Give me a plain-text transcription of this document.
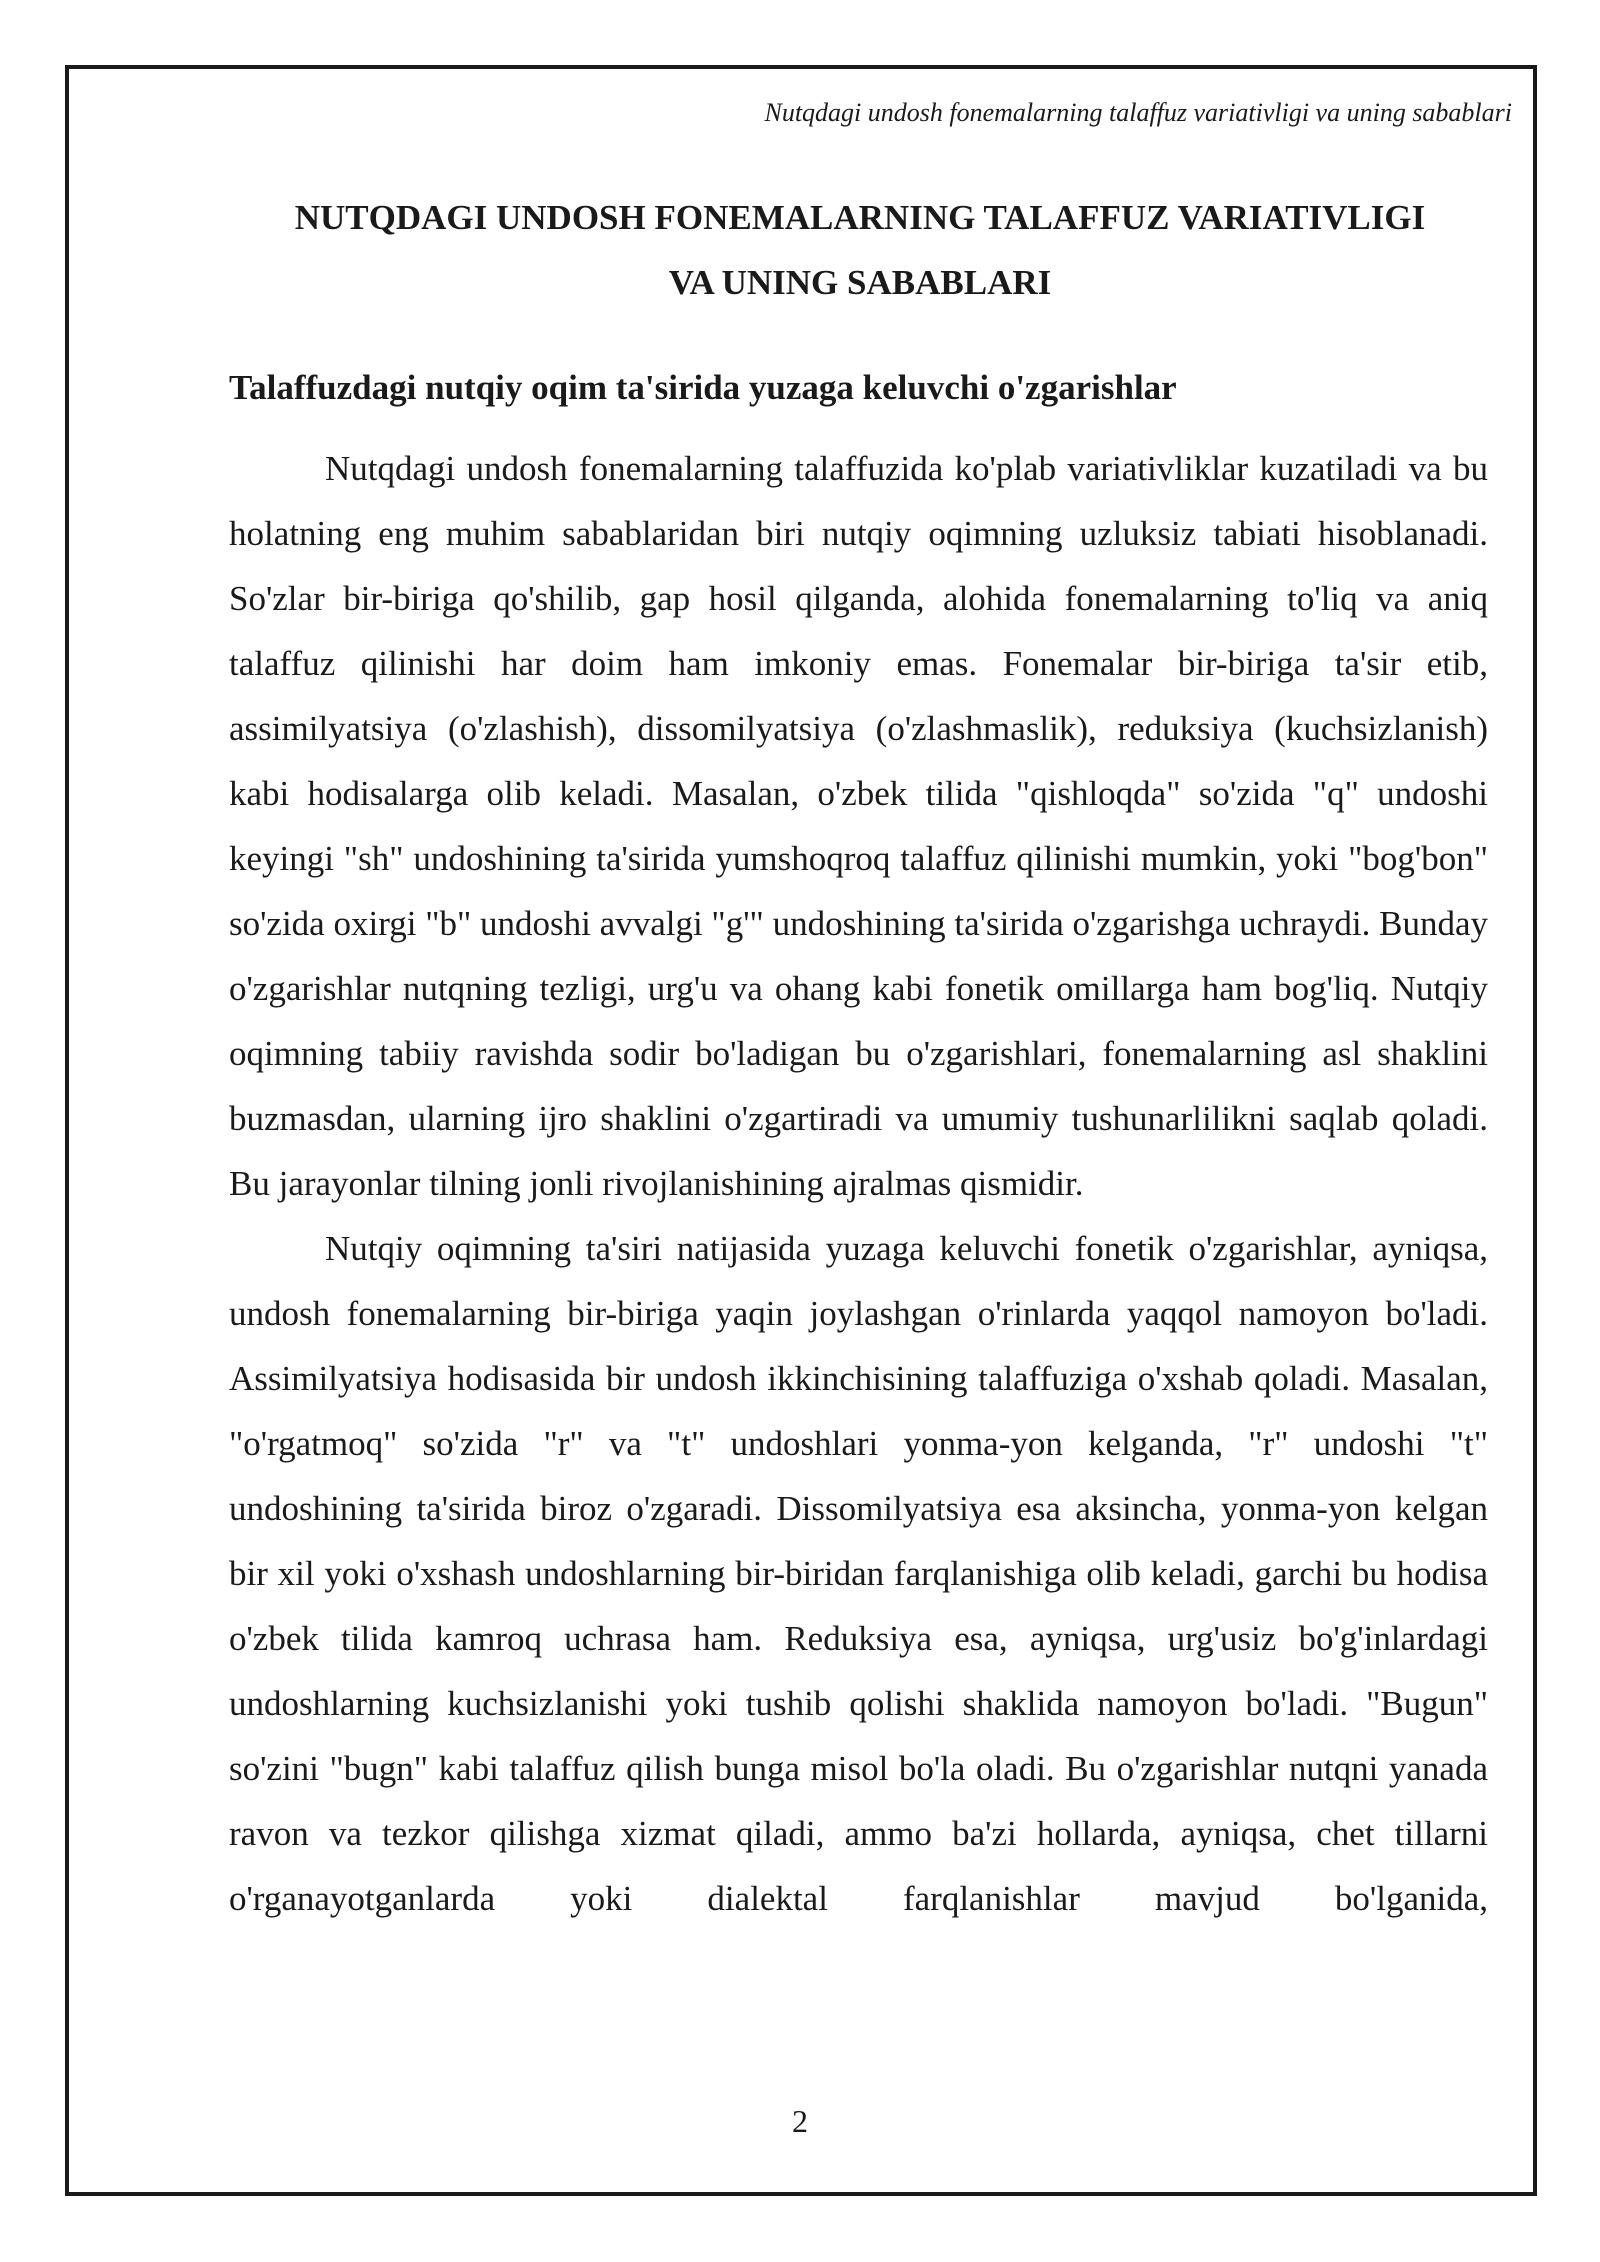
Nutqdagi undosh fonemalarning talaffuz variativligi va uning sabablari
NUTQDAGI UNDOSH FONEMALARNING TALAFFUZ VARIATIVLIGI
VA UNING SABABLARI
Talaffuzdagi nutqiy oqim ta'sirida yuzaga keluvchi o'zgarishlar

Nutqdagi undosh fonemalarning talaffuzida ko'plab variativliklar kuzatiladi va bu holatning eng muhim sabablaridan biri nutqiy oqimning uzluksiz tabiati hisoblanadi. So'zlar bir-biriga qo'shilib, gap hosil qilganda, alohida fonemalarning to'liq va aniq talaffuz qilinishi har doim ham imkoniy emas. Fonemalar bir-biriga ta'sir etib, assimilyatsiya (o'zlashish), dissomilyatsiya (o'zlashmaslik), reduksiya (kuchsizlanish) kabi hodisalarga olib keladi. Masalan, o'zbek tilida "qishloqda" so'zida "q" undoshi keyingi "sh" undoshining ta'sirida yumshoqroq talaffuz qilinishi mumkin, yoki "bog'bon" so'zida oxirgi "b" undoshi avvalgi "g'" undoshining ta'sirida o'zgarishga uchraydi. Bunday o'zgarishlar nutqning tezligi, urg'u va ohang kabi fonetik omillarga ham bog'liq. Nutqiy oqimning tabiiy ravishda sodir bo'ladigan bu o'zgarishlari, fonemalarning asl shaklini buzmasdan, ularning ijro shaklini o'zgartiradi va umumiy tushunarlilikni saqlab qoladi. Bu jarayonlar tilning jonli rivojlanishining ajralmas qismidir.

Nutqiy oqimning ta'siri natijasida yuzaga keluvchi fonetik o'zgarishlar, ayniqsa, undosh fonemalarning bir-biriga yaqin joylashgan o'rinlarda yaqqol namoyon bo'ladi. Assimilyatsiya hodisasida bir undosh ikkinchisining talaffuziga o'xshab qoladi. Masalan, "o'rgatmoq" so'zida "r" va "t" undoshlari yonma-yon kelganda, "r" undoshi "t" undoshining ta'sirida biroz o'zgaradi. Dissomilyatsiya esa aksincha, yonma-yon kelgan bir xil yoki o'xshash undoshlarning bir-biridan farqlanishiga olib keladi, garchi bu hodisa o'zbek tilida kamroq uchrasa ham. Reduksiya esa, ayniqsa, urg'usiz bo'g'inlardagi undoshlarning kuchsizlanishi yoki tushib qolishi shaklida namoyon bo'ladi. "Bugun" so'zini "bugn" kabi talaffuz qilish bunga misol bo'la oladi. Bu o'zgarishlar nutqni yanada ravon va tezkor qilishga xizmat qiladi, ammo ba'zi hollarda, ayniqsa, chet tillarni o'rganayotganlarda yoki dialektal farqlanishlar mavjud bo'lganida,

2
